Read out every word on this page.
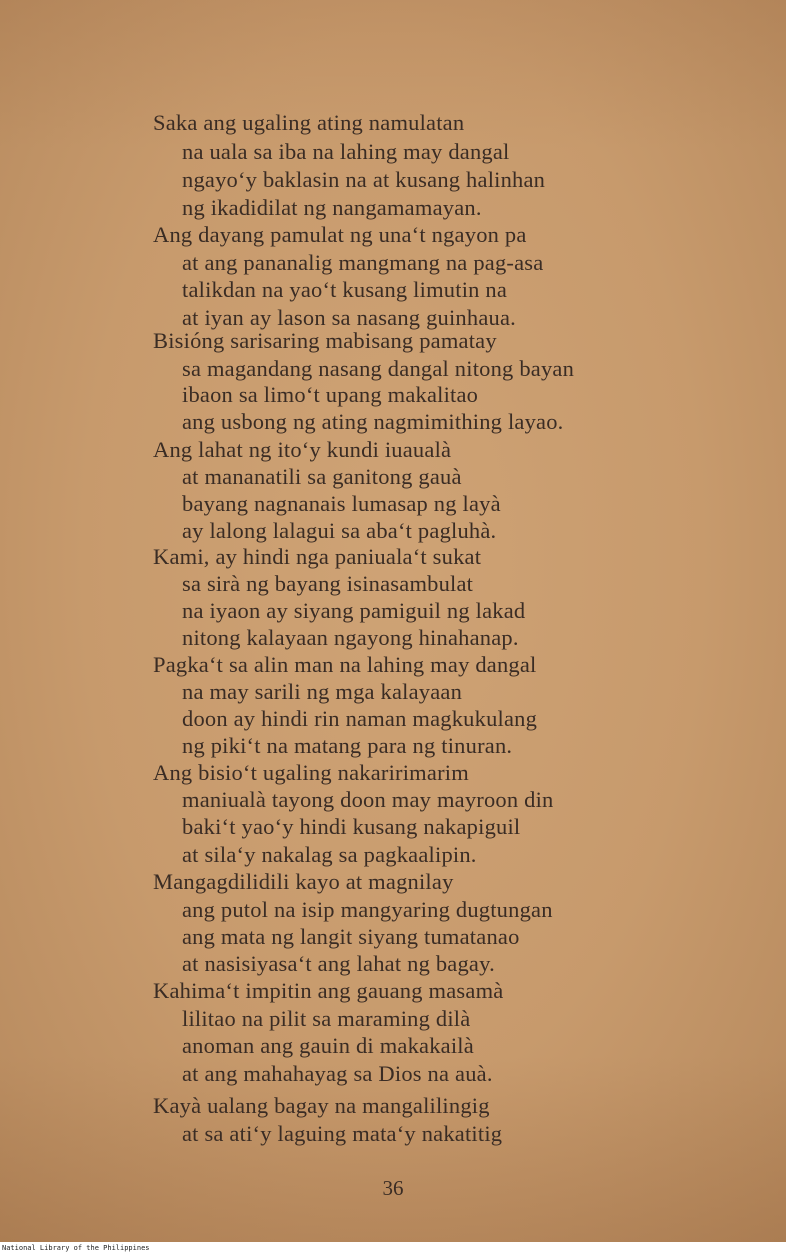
Saka ang ugaling ating namulatan
na uala sa iba na lahing may dangal
ngayo‘y baklasin na at kusang halinhan
ng ikadidilat ng nangamamayan.
Ang dayang pamulat ng una‘t ngayon pa
at ang pananalig mangmang na pag-asa
talikdan na yao‘t kusang limutin na
at iyan ay lason sa nasang guinhaua.
Bisióng sarisaring mabisang pamatay
sa magandang nasang dangal nitong bayan
ibaon sa limo‘t upang makalitao
ang usbong ng ating nagmimithing layao.
Ang lahat ng ito‘y kundi iuaualà
at mananatili sa ganitong gauà
bayang nagnanais lumasap ng layà
ay lalong lalagui sa aba‘t pagluhà.
Kami, ay hindi nga paniuala‘t sukat
sa sirà ng bayang isinasambulat
na iyaon ay siyang pamiguil ng lakad
nitong kalayaan ngayong hinahanap.
Pagka‘t sa alin man na lahing may dangal
na may sarili ng mga kalayaan
doon ay hindi rin naman magkukulang
ng piki‘t na matang para ng tinuran.
Ang bisio‘t ugaling nakaririmarim
maniualà tayong doon may mayroon din
baki‘t yao‘y hindi kusang nakapiguil
at sila‘y nakalag sa pagkaalipin.
Mangagdilidili kayo at magnilay
ang putol na isip mangyaring dugtungan
ang mata ng langit siyang tumatanao
at nasisiyasa‘t ang lahat ng bagay.
Kahima‘t impitin ang gauang masamà
lilitao na pilit sa maraming dilà
anoman ang gauin di makakailà
at ang mahahayag sa Dios na auà.
Kayà ualang bagay na mangalilingig
at sa ati‘y laguing mata‘y nakatitig
36
National Library of the Philippines
